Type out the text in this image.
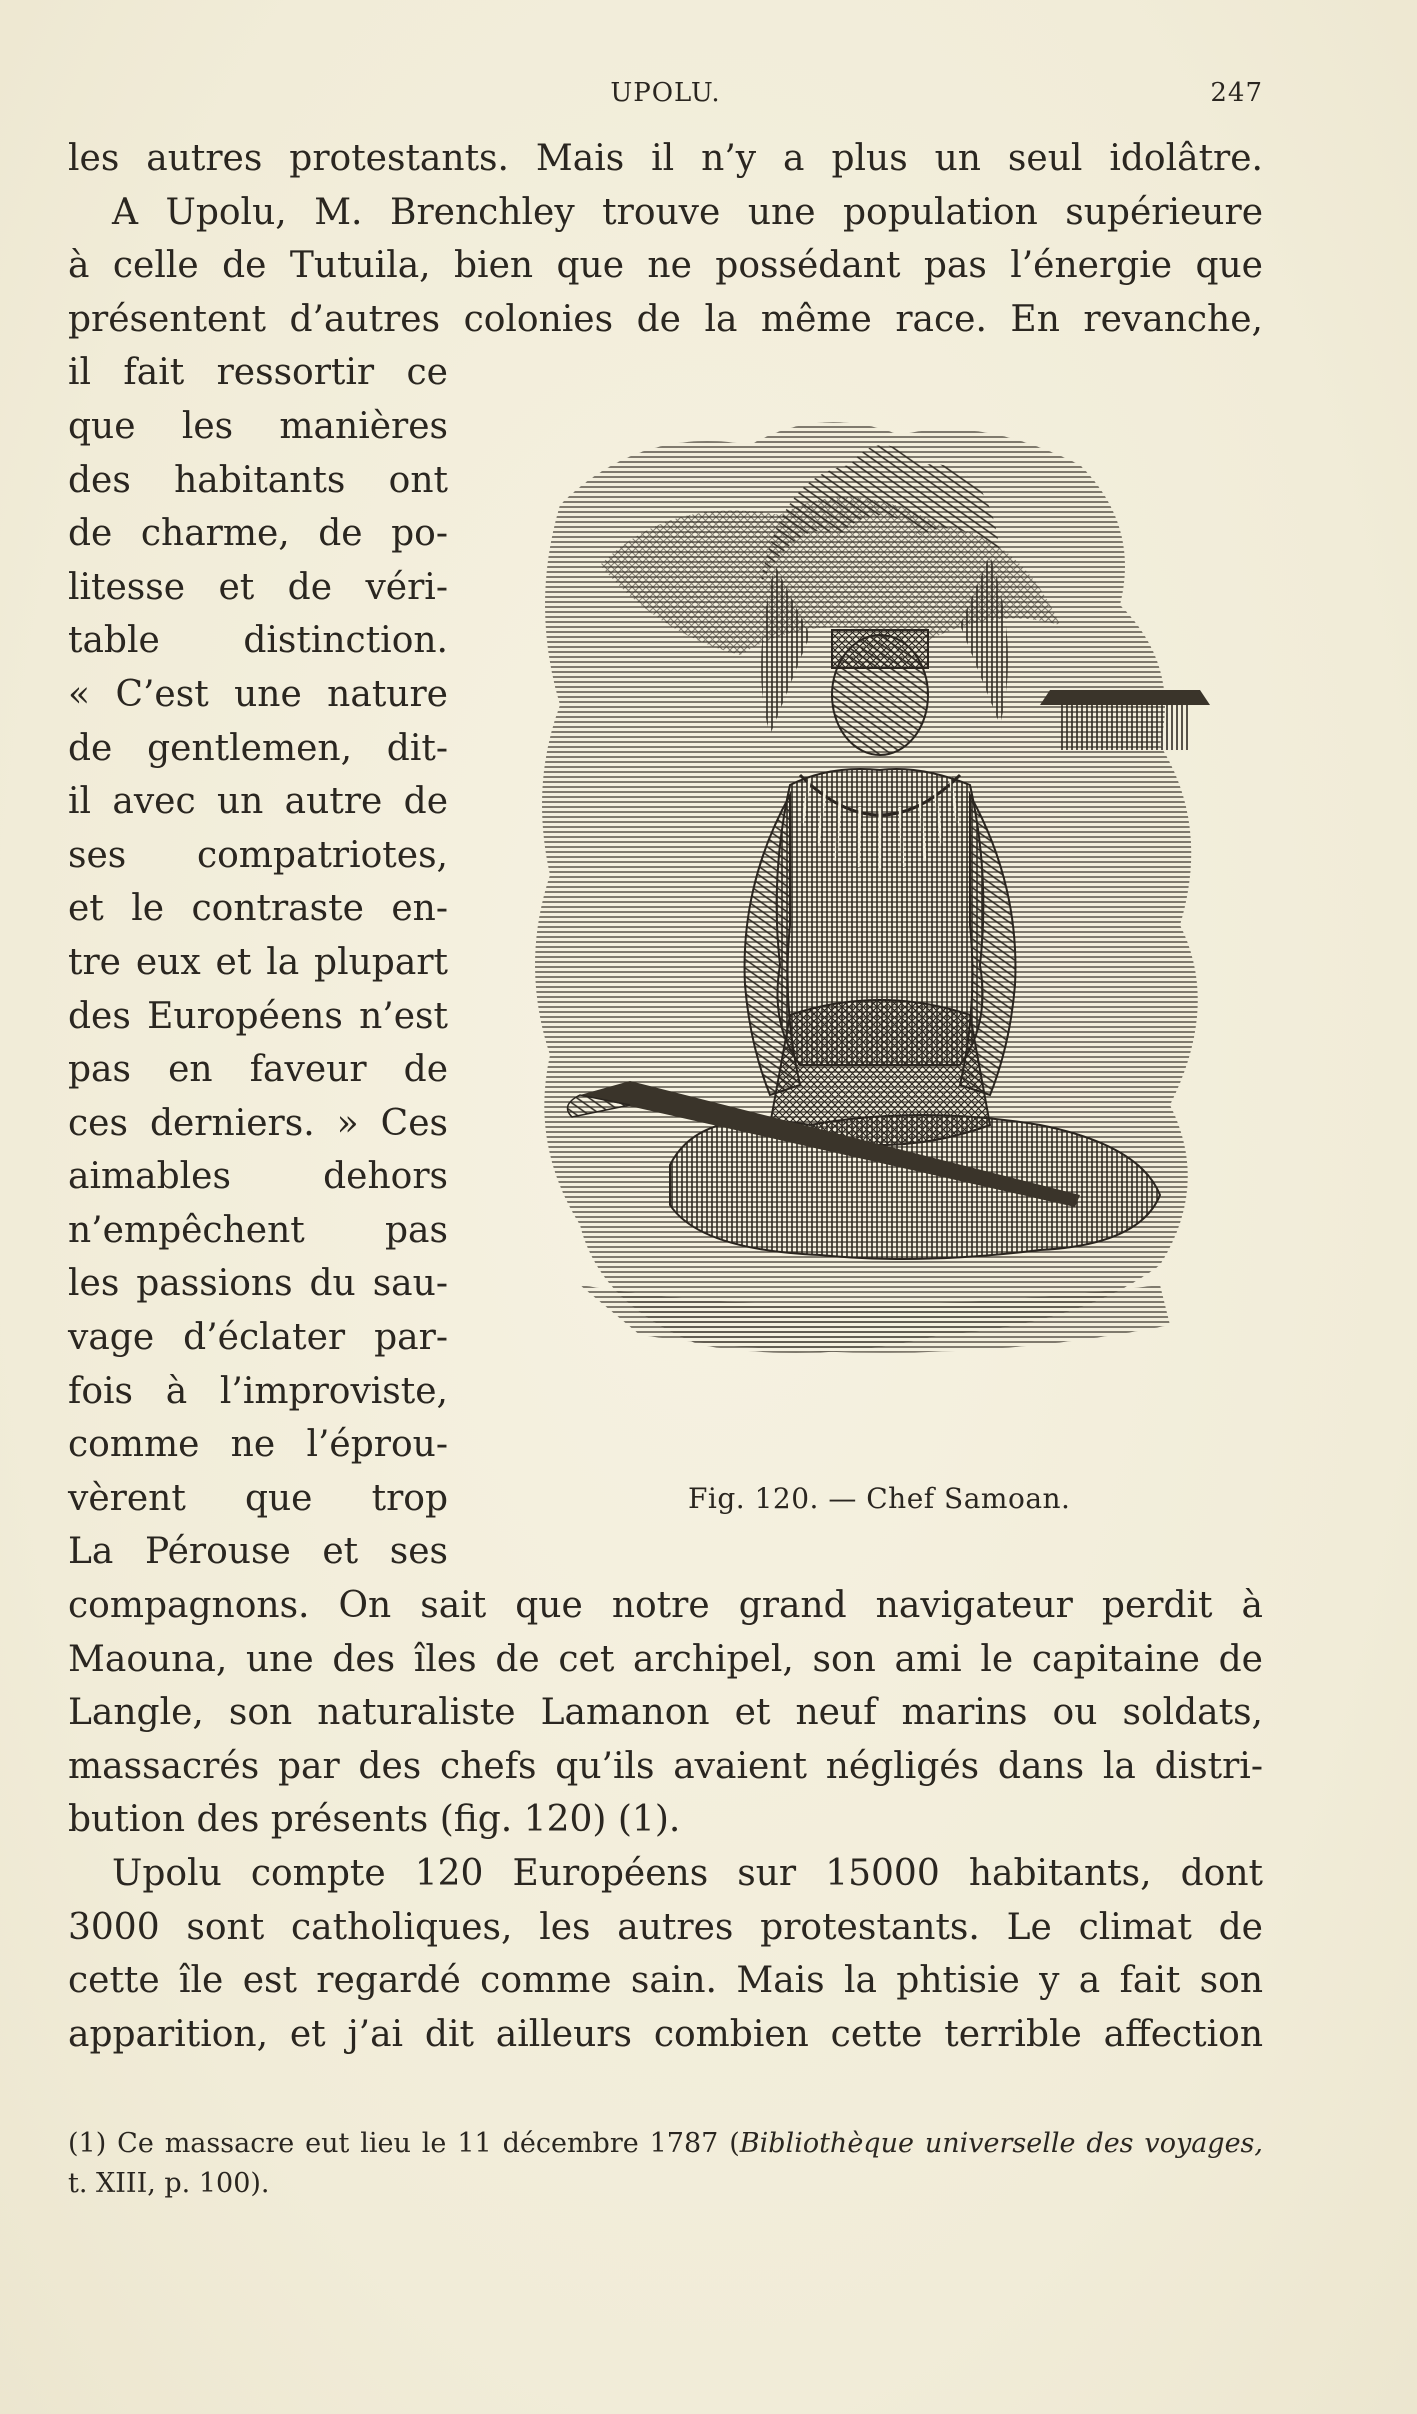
UPOLU.	247
les autres protestants. Mais il n’y a plus un seul idolâtre.
A Upolu, M. Brenchley trouve une population supérieure
à celle de Tutuila, bien que ne possédant pas l’énergie que
présentent d’autres colonies de la même race. En revanche,
il fait ressortir ce
que les manières
des habitants ont
de charme, de po-
litesse et de véri-
table distinction.
« C’est une nature
de gentlemen, dit-
il avec un autre de
ses compatriotes,
et le contraste en-
tre eux et la plupart
des Européens n’est
pas en faveur de
ces derniers. » Ces
aimables dehors
n’empêchent pas
les passions du sau-
vage d’éclater par-
fois à l’improviste,
comme ne l’éprou-
vèrent que trop
La Pérouse et ses
compagnons. On sait que notre grand navigateur perdit à
Maouna, une des îles de cet archipel, son ami le capitaine de
Langle, son naturaliste Lamanon et neuf marins ou soldats,
massacrés par des chefs qu’ils avaient négligés dans la distri-
bution des présents (fig. 120) (1).
Upolu compte 120 Européens sur 15000 habitants, dont
3000 sont catholiques, les autres protestants. Le climat de
cette île est regardé comme sain. Mais la phtisie y a fait son
apparition, et j’ai dit ailleurs combien cette terrible affection
Fig. 120. — Chef Samoan.
(1) Ce massacre eut lieu le 11 décembre 1787 (Bibliothèque universelle des voyages,
t. XIII, p. 100).
